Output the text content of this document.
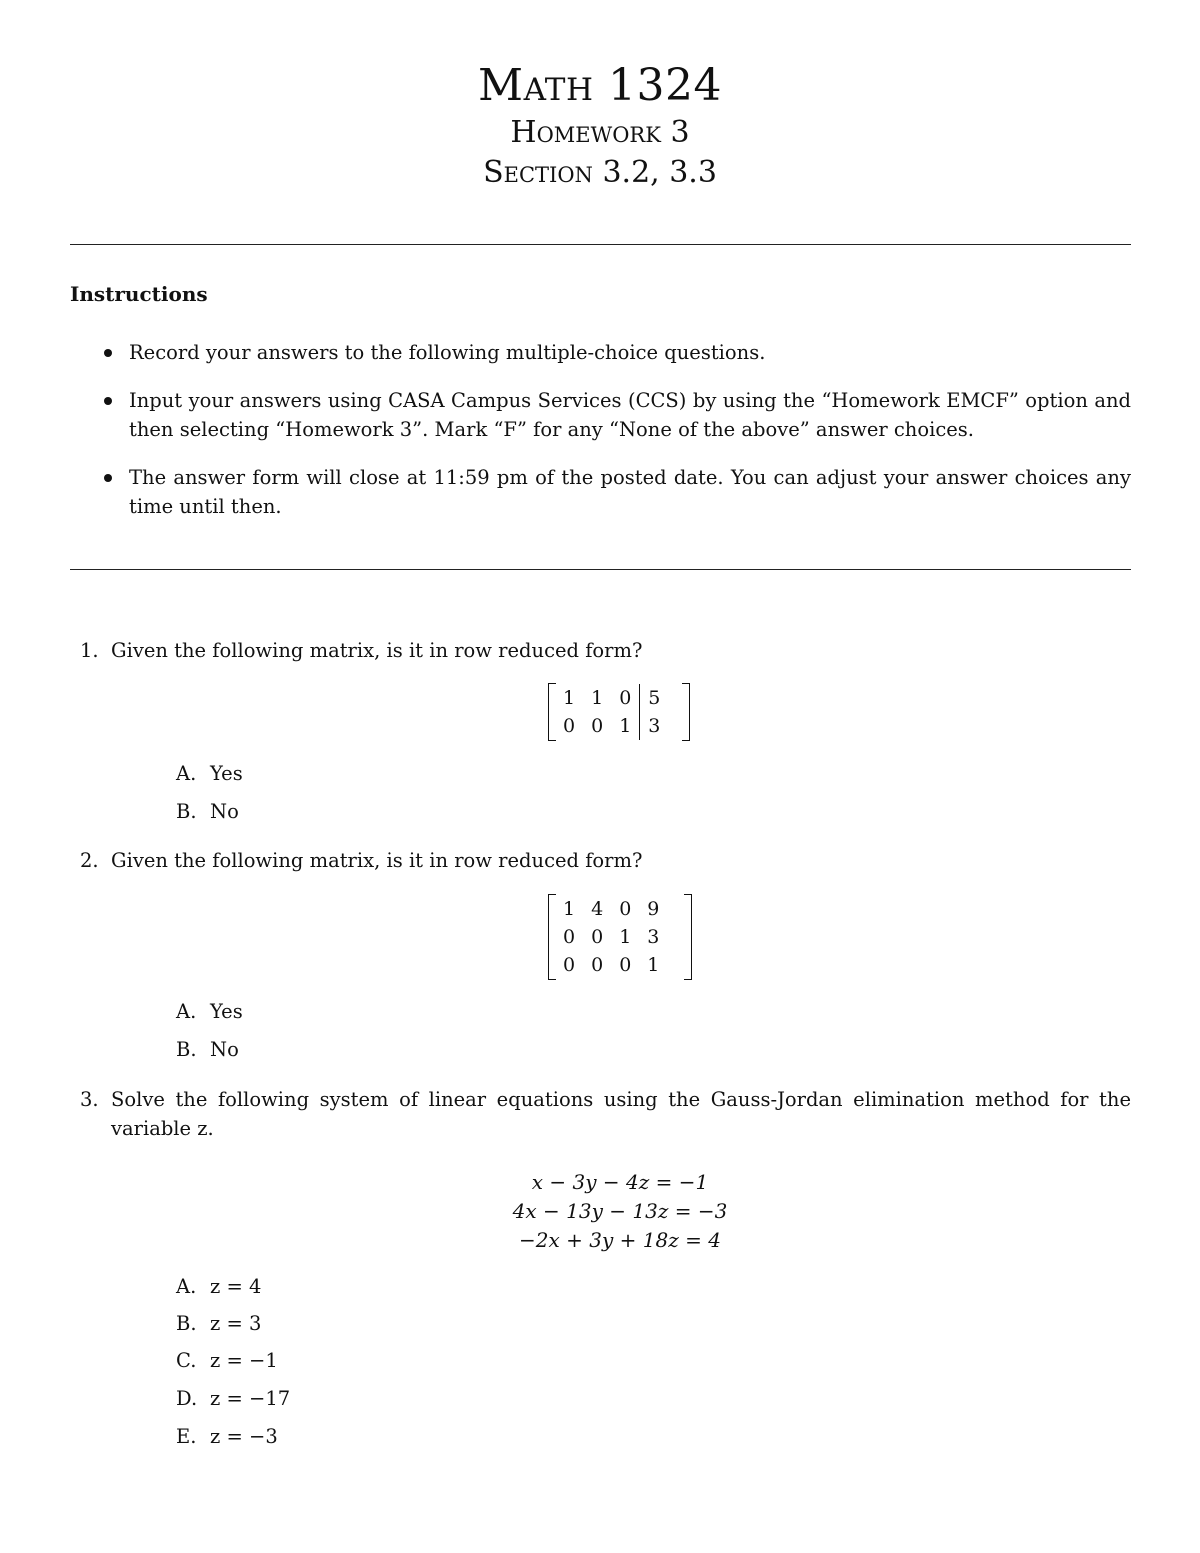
Math 1324
Homework 3
Section 3.2, 3.3
Instructions
Record your answers to the following multiple-choice questions.
Input your answers using CASA Campus Services (CCS) by using the “Homework EMCF” option and then selecting “Homework 3”. Mark “F” for any “None of the above” answer choices.
The answer form will close at 11:59 pm of the posted date. You can adjust your answer choices any time until then.
1. Given the following matrix, is it in row reduced form?
1	1	0	5
0	0	1	3
A. Yes
B. No
2. Given the following matrix, is it in row reduced form?
1	4	0	9
0	0	1	3
0	0	0	1
A. Yes
B. No
3. Solve the following system of linear equations using the Gauss-Jordan elimination method for the variable z.
x − 3y − 4z = −1
4x − 13y − 13z = −3
−2x + 3y + 18z = 4
A. z = 4
B. z = 3
C. z = −1
D. z = −17
E. z = −3
